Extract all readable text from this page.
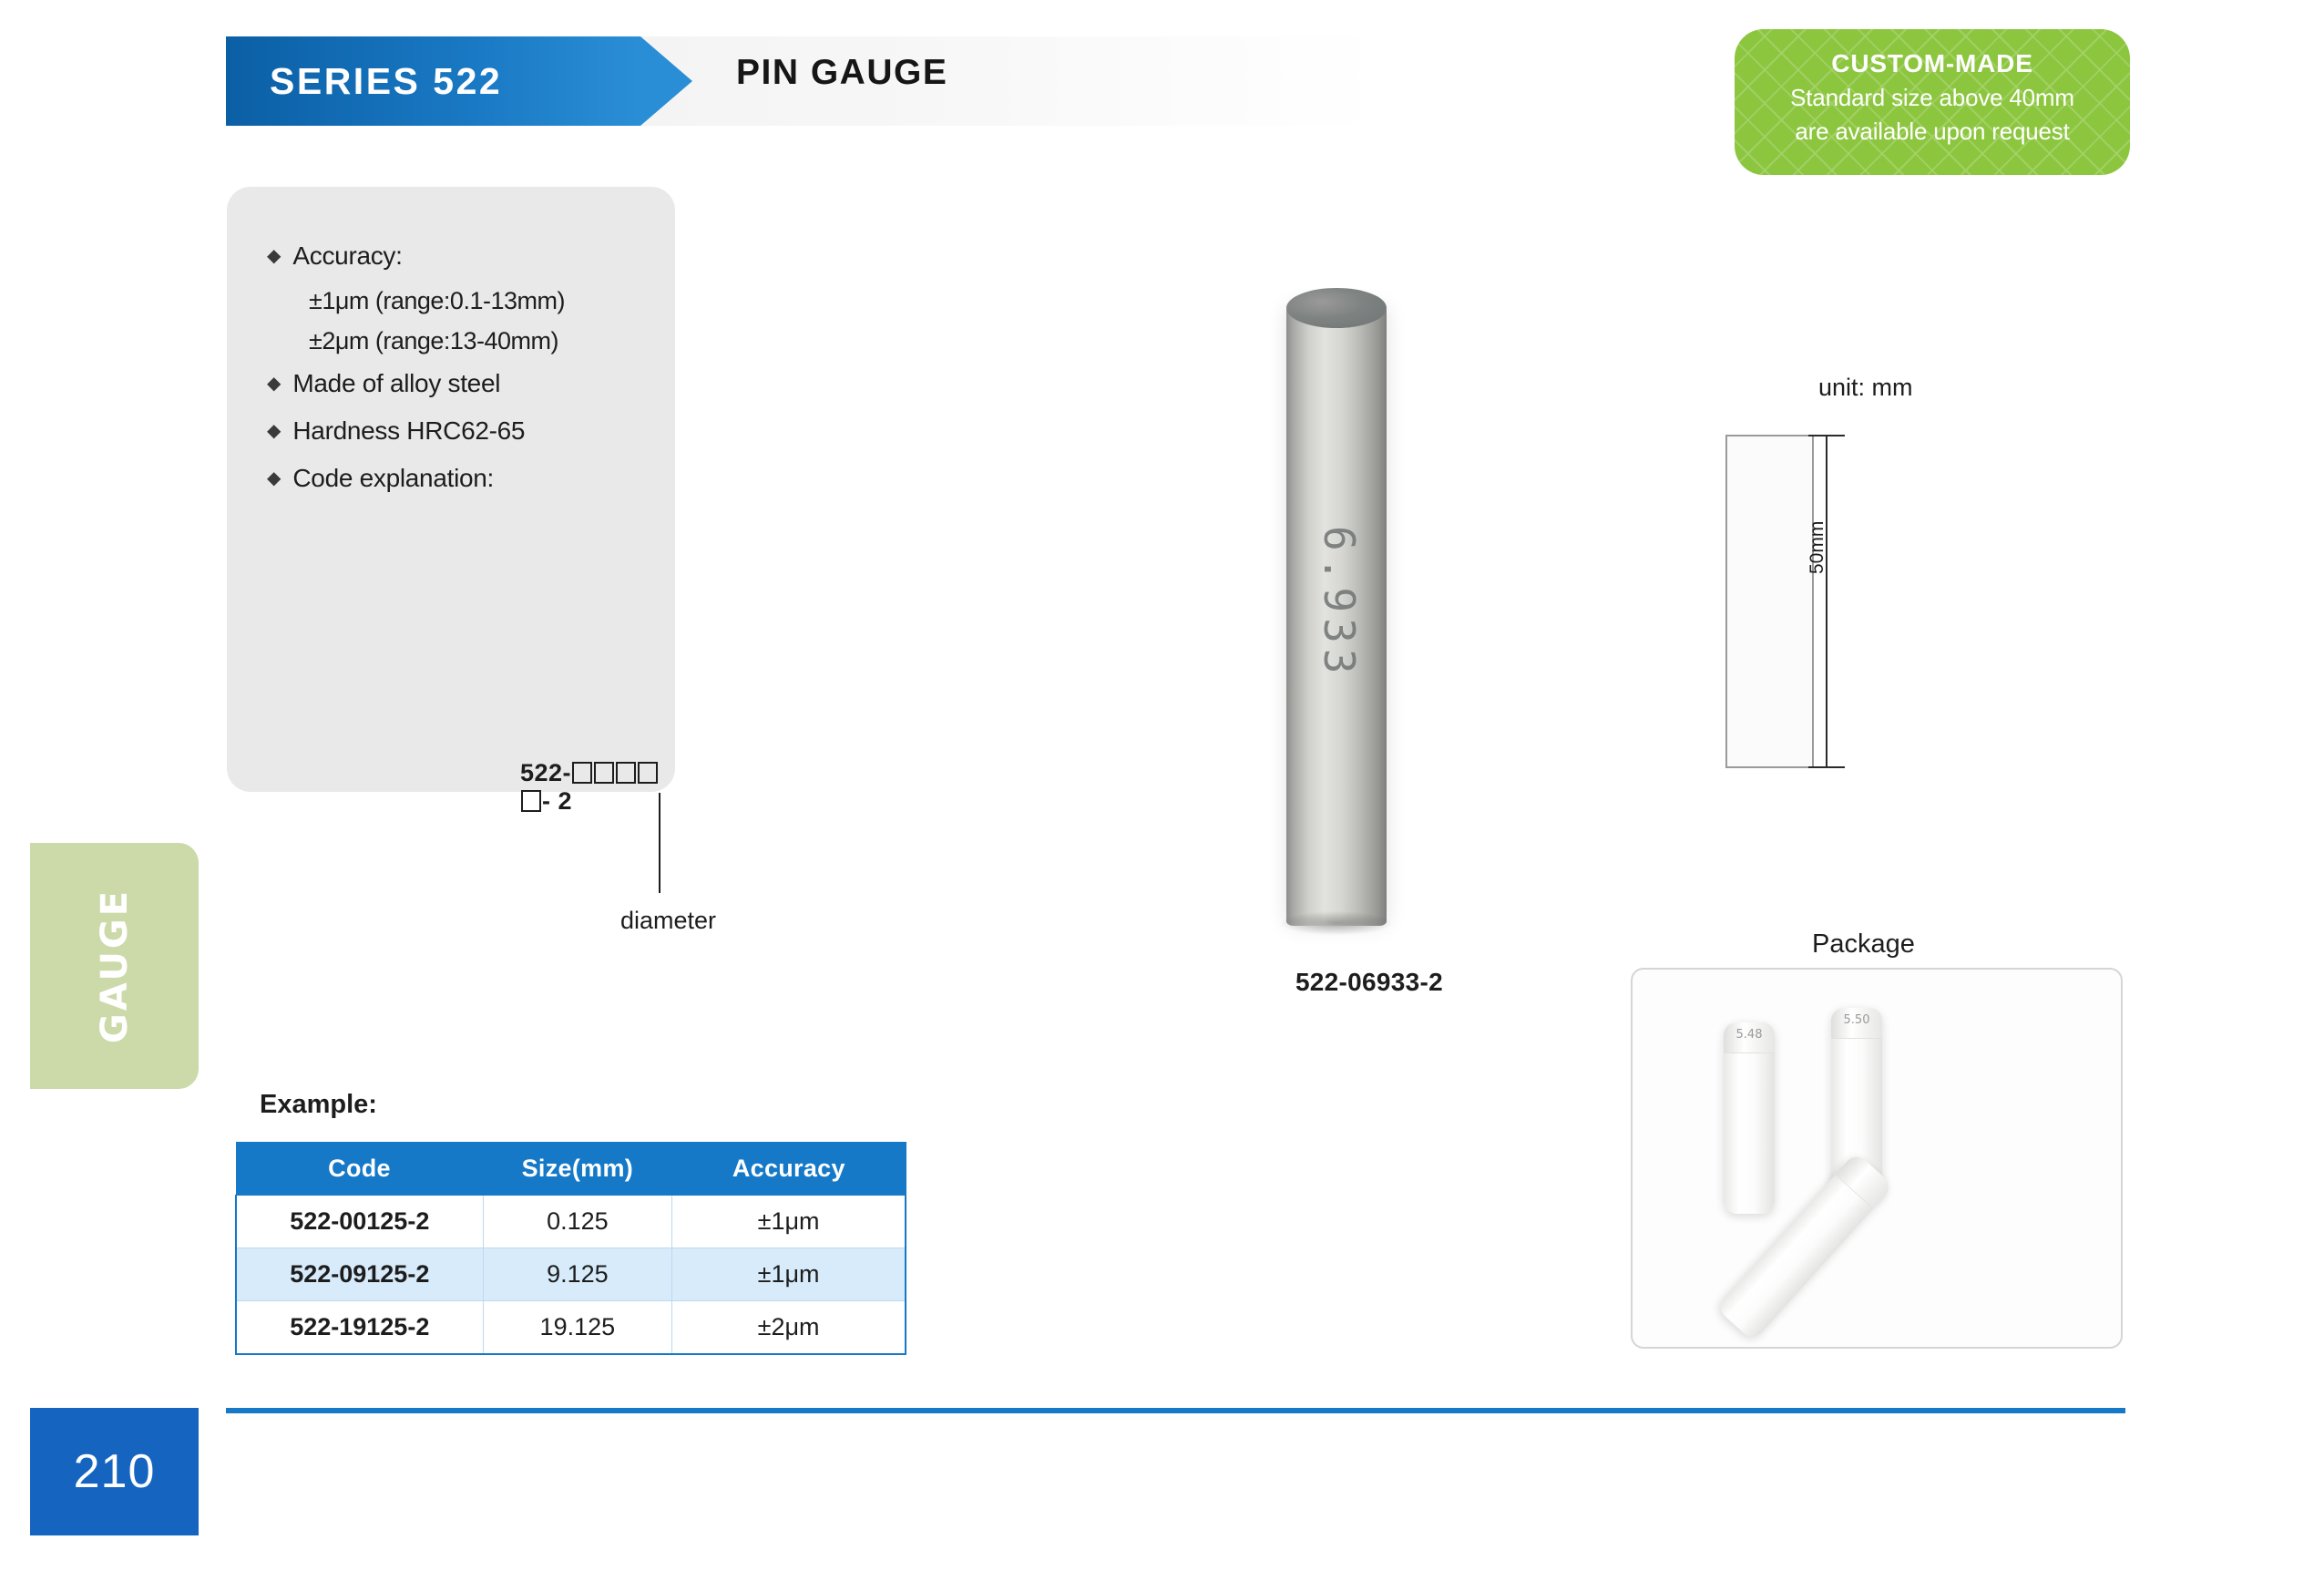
SERIES 522	PIN GAUGE	CUSTOM-MADE
Standard size above 40mm
are available upon request
◆ Accuracy:
±1μm (range:0.1-13mm)
±2μm (range:13-40mm)
◆ Made of alloy steel
◆ Hardness HRC62-65
◆ Code explanation:
522-- 2
diameter
GAUGE
6.933
522-06933-2
unit: mm
50mm
Package
5.48
5.50
Example:
Code	Size(mm)	Accuracy
522-00125-2	0.125	±1μm
522-09125-2	9.125	±1μm
522-19125-2	19.125	±2μm
210
